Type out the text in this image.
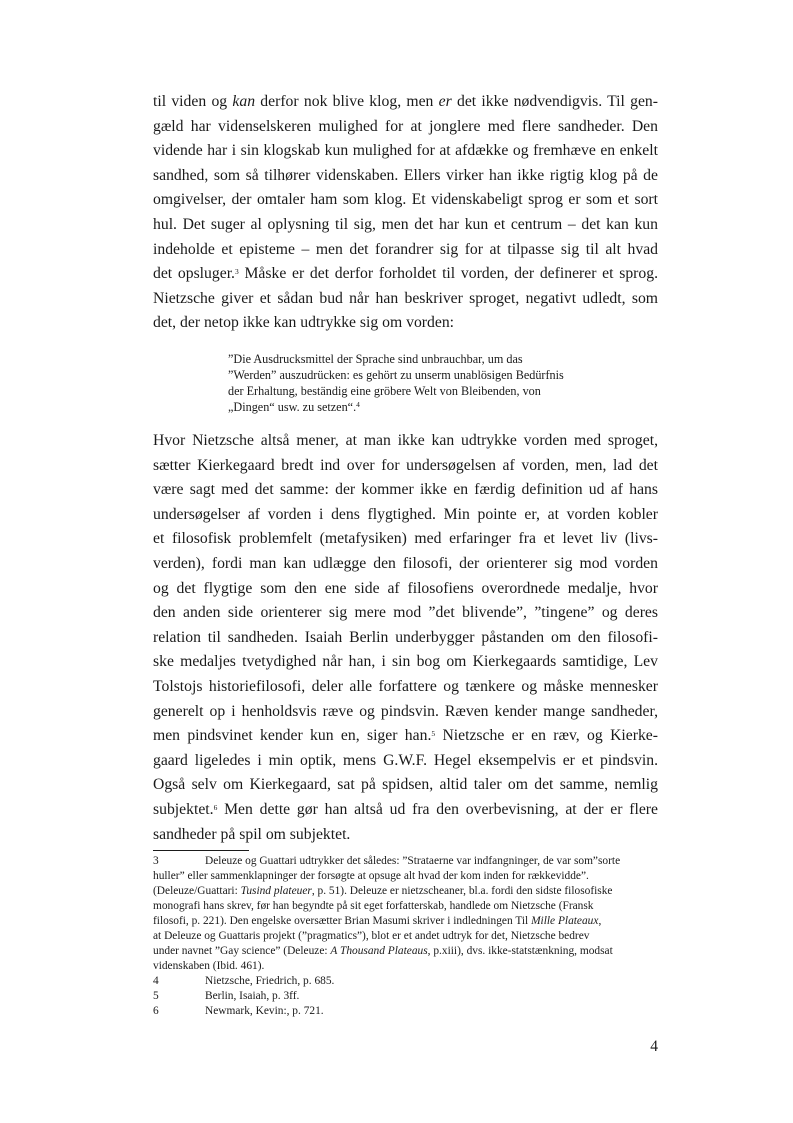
til viden og kan derfor nok blive klog, men er det ikke nødvendigvis. Til gen-
gæld har videnselskeren mulighed for at jonglere med flere sandheder. Den
vidende har i sin klogskab kun mulighed for at afdække og fremhæve en enkelt
sandhed, som så tilhører videnskaben. Ellers virker han ikke rigtig klog på de
omgivelser, der omtaler ham som klog. Et videnskabeligt sprog er som et sort
hul. Det suger al oplysning til sig, men det har kun et centrum – det kan kun
indeholde et episteme – men det forandrer sig for at tilpasse sig til alt hvad
det opsluger.$^3$ Måske er det derfor forholdet til vorden, der definerer et sprog.
Nietzsche giver et sådan bud når han beskriver sproget, negativt udledt, som
det, der netop ikke kan udtrykke sig om vorden:
”Die Ausdrucksmittel der Sprache sind unbrauchbar, um das
”Werden” auszudrücken: es gehört zu unserm unablösigen Bedürfnis
der Erhaltung, beständig eine gröbere Welt von Bleibenden, von
„Dingen“ usw. zu setzen“.$^4$
Hvor Nietzsche altså mener, at man ikke kan udtrykke vorden med sproget,
sætter Kierkegaard bredt ind over for undersøgelsen af vorden, men, lad det
være sagt med det samme: der kommer ikke en færdig definition ud af hans
undersøgelser af vorden i dens flygtighed. Min pointe er, at vorden kobler
et filosofisk problemfelt (metafysiken) med erfaringer fra et levet liv (livs-
verden), fordi man kan udlægge den filosofi, der orienterer sig mod vorden
og det flygtige som den ene side af filosofiens overordnede medalje, hvor
den anden side orienterer sig mere mod ”det blivende”, ”tingene” og deres
relation til sandheden. Isaiah Berlin underbygger påstanden om den filosofi-
ske medaljes tvetydighed når han, i sin bog om Kierkegaards samtidige, Lev
Tolstojs historiefilosofi, deler alle forfattere og tænkere og måske mennesker
generelt op i henholdsvis ræve og pindsvin. Ræven kender mange sandheder,
men pindsvinet kender kun en, siger han.$^5$ Nietzsche er en ræv, og Kierke-
gaard ligeledes i min optik, mens G.W.F. Hegel eksempelvis er et pindsvin.
Også selv om Kierkegaard, sat på spidsen, altid taler om det samme, nemlig
subjektet.$^6$ Men dette gør han altså ud fra den overbevisning, at der er flere
sandheder på spil om subjektet.
3	Deleuze og Guattari udtrykker det således: ”Strataerne var indfangninger, de var som”sorte
huller” eller sammenklapninger der forsøgte at opsuge alt hvad der kom inden for rækkevidde”.
(Deleuze/Guattari: Tusind plateuer, p. 51). Deleuze er nietzscheaner, bl.a. fordi den sidste filosofiske
monografi hans skrev, før han begyndte på sit eget forfatterskab, handlede om Nietzsche (Fransk
filosofi, p. 221). Den engelske oversætter Brian Masumi skriver i indledningen Til Mille Plateaux,
at Deleuze og Guattaris projekt (”pragmatics”), blot er et andet udtryk for det, Nietzsche bedrev
under navnet ”Gay science” (Deleuze: A Thousand Plateaus, p.xiii), dvs. ikke-statstænkning, modsat
videnskaben (Ibid. 461).
4	Nietzsche, Friedrich, p. 685.
5	Berlin, Isaiah, p. 3ff.
6	Newmark, Kevin:, p. 721.
4
